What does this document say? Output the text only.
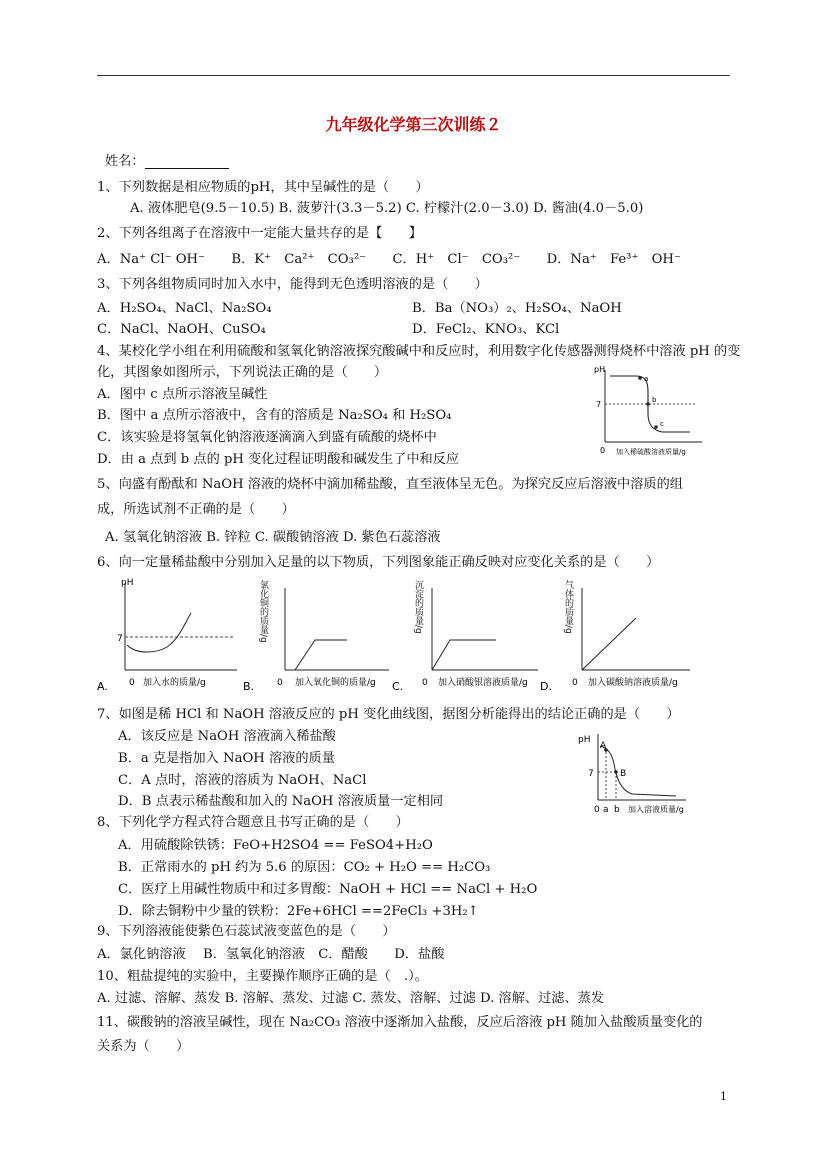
九年级化学第三次训练２
姓名：
1、下列数据是相应物质的pH，其中呈碱性的是（　　）
A. 液体肥皂(9.5－10.5) B. 菠萝汁(3.3－5.2) C. 柠檬汁(2.0－3.0) D. 酱油(4.0－5.0)
2、下列各组离子在溶液中一定能大量共存的是【　　】
A．Na⁺ Cl⁻ OH⁻　　B．K⁺　Ca²⁺　CO₃²⁻　　C．H⁺　Cl⁻　CO₃²⁻　　D．Na⁺　Fe³⁺　OH⁻
3、下列各组物质同时加入水中，能得到无色透明溶液的是（　　）
A．H₂SO₄、NaCl、Na₂SO₄	B．Ba（NO₃）₂、H₂SO₄、NaOH
C．NaCl、NaOH、CuSO₄	D．FeCl₂、KNO₃、KCl
4、某校化学小组在利用硫酸和氢氧化钠溶液探究酸碱中和反应时，利用数字化传感器测得烧杯中溶液 pH 的变
化，其图象如图所示，下列说法正确的是（　　）
A．图中 c 点所示溶液呈碱性
B．图中 a 点所示溶液中，含有的溶质是 Na₂SO₄ 和 H₂SO₄
C．该实验是将氢氧化钠溶液逐滴滴入到盛有硫酸的烧杯中
D．由 a 点到 b 点的 pH 变化过程证明酸和碱发生了中和反应
pH
7
0 加入稀硫酸溶液质量/g
a
b
c
5、向盛有酚酞和 NaOH 溶液的烧杯中滴加稀盐酸，直至液体呈无色。为探究反应后溶液中溶质的组
成，所选试剂不正确的是（　　）
A. 氢氧化钠溶液 B. 锌粒 C. 碳酸钠溶液 D. 紫色石蕊溶液
6、向一定量稀盐酸中分别加入足量的以下物质，下列图象能正确反映对应变化关系的是（　　）
A.
pH
7
0 加入水的质量/g	B.
氯化铜的质量/g
0 加入氧化铜的质量/g C.
沉淀的质量/g
0 加入硝酸银溶液质量/g D.
气体的质量/g
0 加入碳酸钠溶液质量/g
7、如图是稀 HCl 和 NaOH 溶液反应的 pH 变化曲线图，据图分析能得出的结论正确的是（　　）
A．该反应是 NaOH 溶液滴入稀盐酸
B．a 克是指加入 NaOH 溶液的质量
C．A 点时，溶液的溶质为 NaOH、NaCl
D．B 点表示稀盐酸和加入的 NaOH 溶液质量一定相同
pH
7
0 a b 加入溶液质量/g
A
B
8、下列化学方程式符合题意且书写正确的是（　　）
A．用硫酸除铁锈：FeO+H2SO4 == FeSO4+H₂O
B．正常雨水的 pH 约为 5.6 的原因：CO₂ + H₂O == H₂CO₃
C．医疗上用碱性物质中和过多胃酸：NaOH + HCl == NaCl + H₂O
D．除去铜粉中少量的铁粉：2Fe+6HCl ==2FeCl₃ +3H₂↑
9、下列溶液能使紫色石蕊试液变蓝色的是（　　）
A．氯化钠溶液　 B．氢氧化钠溶液　C．醋酸　　D．盐酸
10、粗盐提纯的实验中，主要操作顺序正确的是（　.）。
A. 过滤、溶解、蒸发 B. 溶解、蒸发、过滤 C. 蒸发、溶解、过滤 D. 溶解、过滤、蒸发
11、碳酸钠的溶液呈碱性，现在 Na₂CO₃ 溶液中逐渐加入盐酸，反应后溶液 pH 随加入盐酸质量变化的
关系为（　　）
1
